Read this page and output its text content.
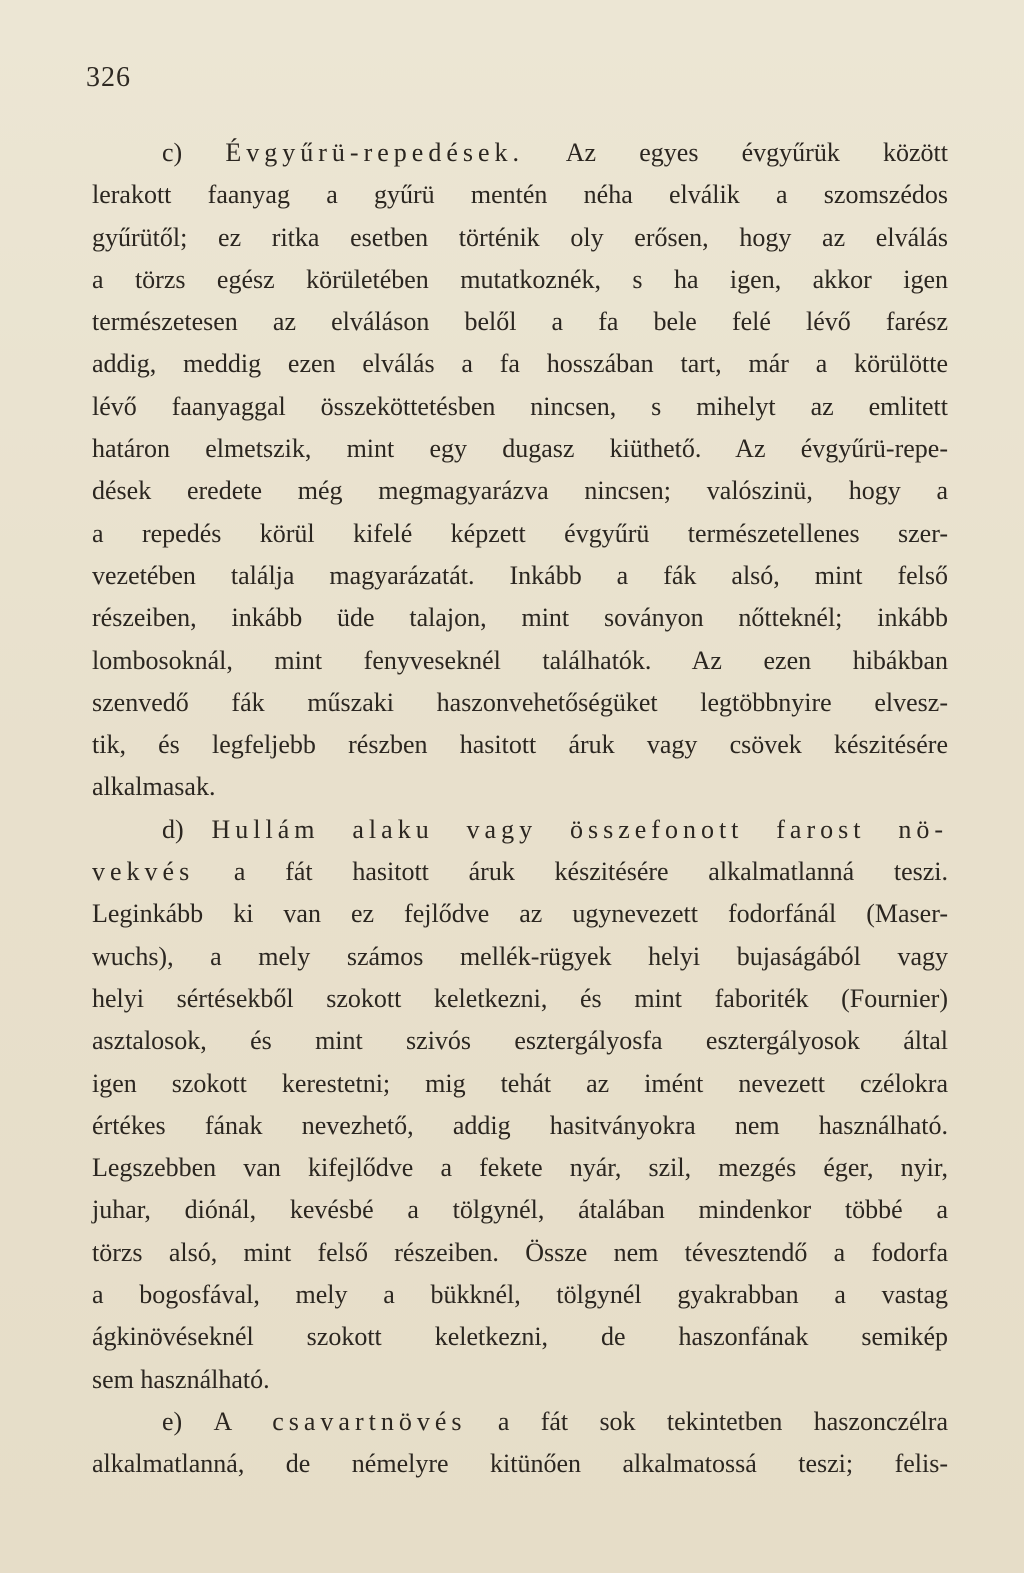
326
c) Évgyűrü-repedések. Az egyes évgyűrük között
lerakott faanyag a gyűrü mentén néha elválik a szomszédos
gyűrütől; ez ritka esetben történik oly erősen, hogy az elválás
a törzs egész körületében mutatkoznék, s ha igen, akkor igen
természetesen az elváláson belől a fa bele felé lévő farész
addig, meddig ezen elválás a fa hosszában tart, már a körülötte
lévő faanyaggal összeköttetésben nincsen, s mihelyt az emlitett
határon elmetszik, mint egy dugasz kiüthető. Az évgyűrü-repe-
dések eredete még megmagyarázva nincsen; valószinü, hogy a
a repedés körül kifelé képzett évgyűrü természetellenes szer-
vezetében találja magyarázatát. Inkább a fák alsó, mint felső
részeiben, inkább üde talajon, mint soványon nőtteknél; inkább
lombosoknál, mint fenyveseknél találhatók. Az ezen hibákban
szenvedő fák műszaki haszonvehetőségüket legtöbbnyire elvesz-
tik, és legfeljebb részben hasitott áruk vagy csövek készitésére
alkalmasak.
d) Hullám alaku vagy összefonott farost nö-
vekvés a fát hasitott áruk készitésére alkalmatlanná teszi.
Leginkább ki van ez fejlődve az ugynevezett fodorfánál (Maser-
wuchs), a mely számos mellék-rügyek helyi bujaságából vagy
helyi sértésekből szokott keletkezni, és mint faboriték (Fournier)
asztalosok, és mint szivós esztergályosfa esztergályosok által
igen szokott kerestetni; mig tehát az imént nevezett czélokra
értékes fának nevezhető, addig hasitványokra nem használható.
Legszebben van kifejlődve a fekete nyár, szil, mezgés éger, nyir,
juhar, diónál, kevésbé a tölgynél, átalában mindenkor többé a
törzs alsó, mint felső részeiben. Össze nem tévesztendő a fodorfa
a bogosfával, mely a bükknél, tölgynél gyakrabban a vastag
ágkinövéseknél szokott keletkezni, de haszonfának semikép
sem használható.
e) A csavartnövés a fát sok tekintetben haszonczélra
alkalmatlanná, de némelyre kitünően alkalmatossá teszi; felis-
